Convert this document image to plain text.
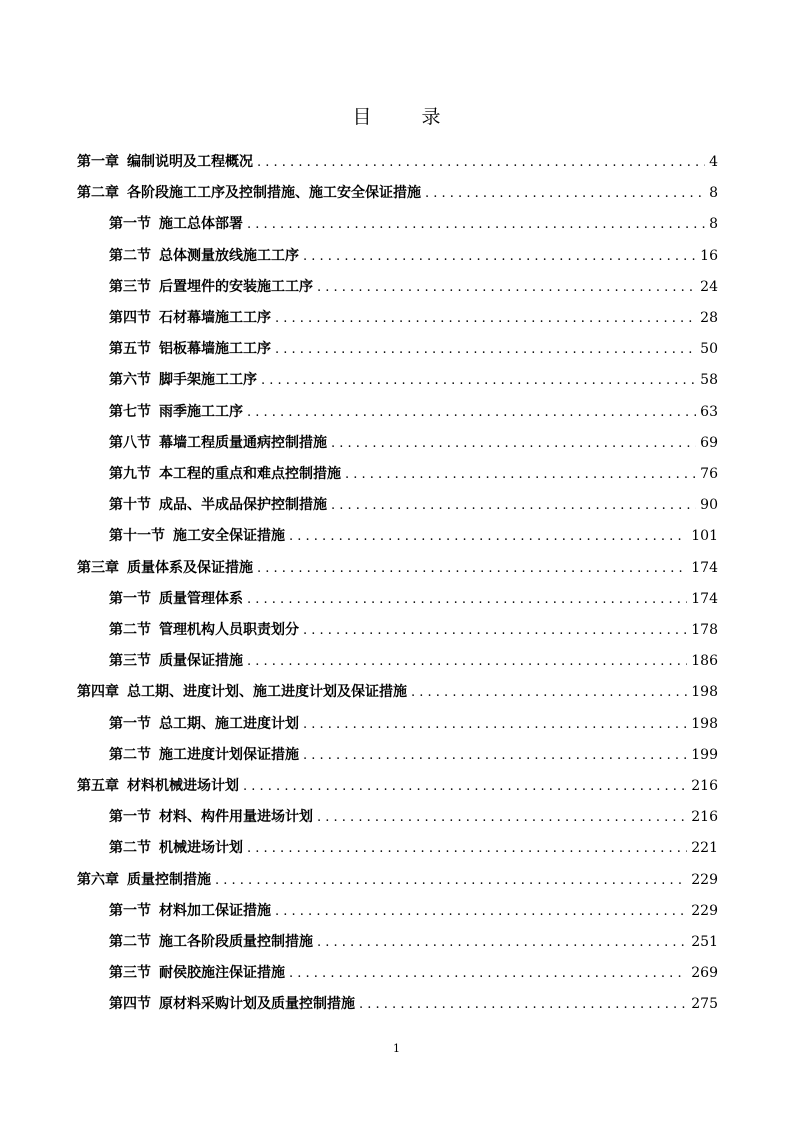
目 录
第一章 编制说明及工程概况 . . .	4
第二章 各阶段施工工序及控制措施、施工安全保证措施 . . .	8
第一节 施工总体部署 . . .	8
第二节 总体测量放线施工工序 . . .	16
第三节 后置埋件的安装施工工序 . . .	24
第四节 石材幕墙施工工序 . . .	28
第五节 铝板幕墙施工工序 . . .	50
第六节 脚手架施工工序 . . .	58
第七节 雨季施工工序 . . .	63
第八节 幕墙工程质量通病控制措施 . . .	69
第九节 本工程的重点和难点控制措施 . . .	76
第十节 成品、半成品保护控制措施 . . .	90
第十一节 施工安全保证措施 . . .	101
第三章 质量体系及保证措施 . . .	174
第一节 质量管理体系 . . .	174
第二节 管理机构人员职责划分 . . .	178
第三节 质量保证措施 . . .	186
第四章 总工期、进度计划、施工进度计划及保证措施 . . .	198
第一节 总工期、施工进度计划 . . .	198
第二节 施工进度计划保证措施 . . .	199
第五章 材料机械进场计划 . . .	216
第一节 材料、构件用量进场计划 . . .	216
第二节 机械进场计划 . . .	221
第六章 质量控制措施 . . .	229
第一节 材料加工保证措施 . . .	229
第二节 施工各阶段质量控制措施 . . .	251
第三节 耐侯胶施注保证措施 . . .	269
第四节 原材料采购计划及质量控制措施 . . .	275
1
